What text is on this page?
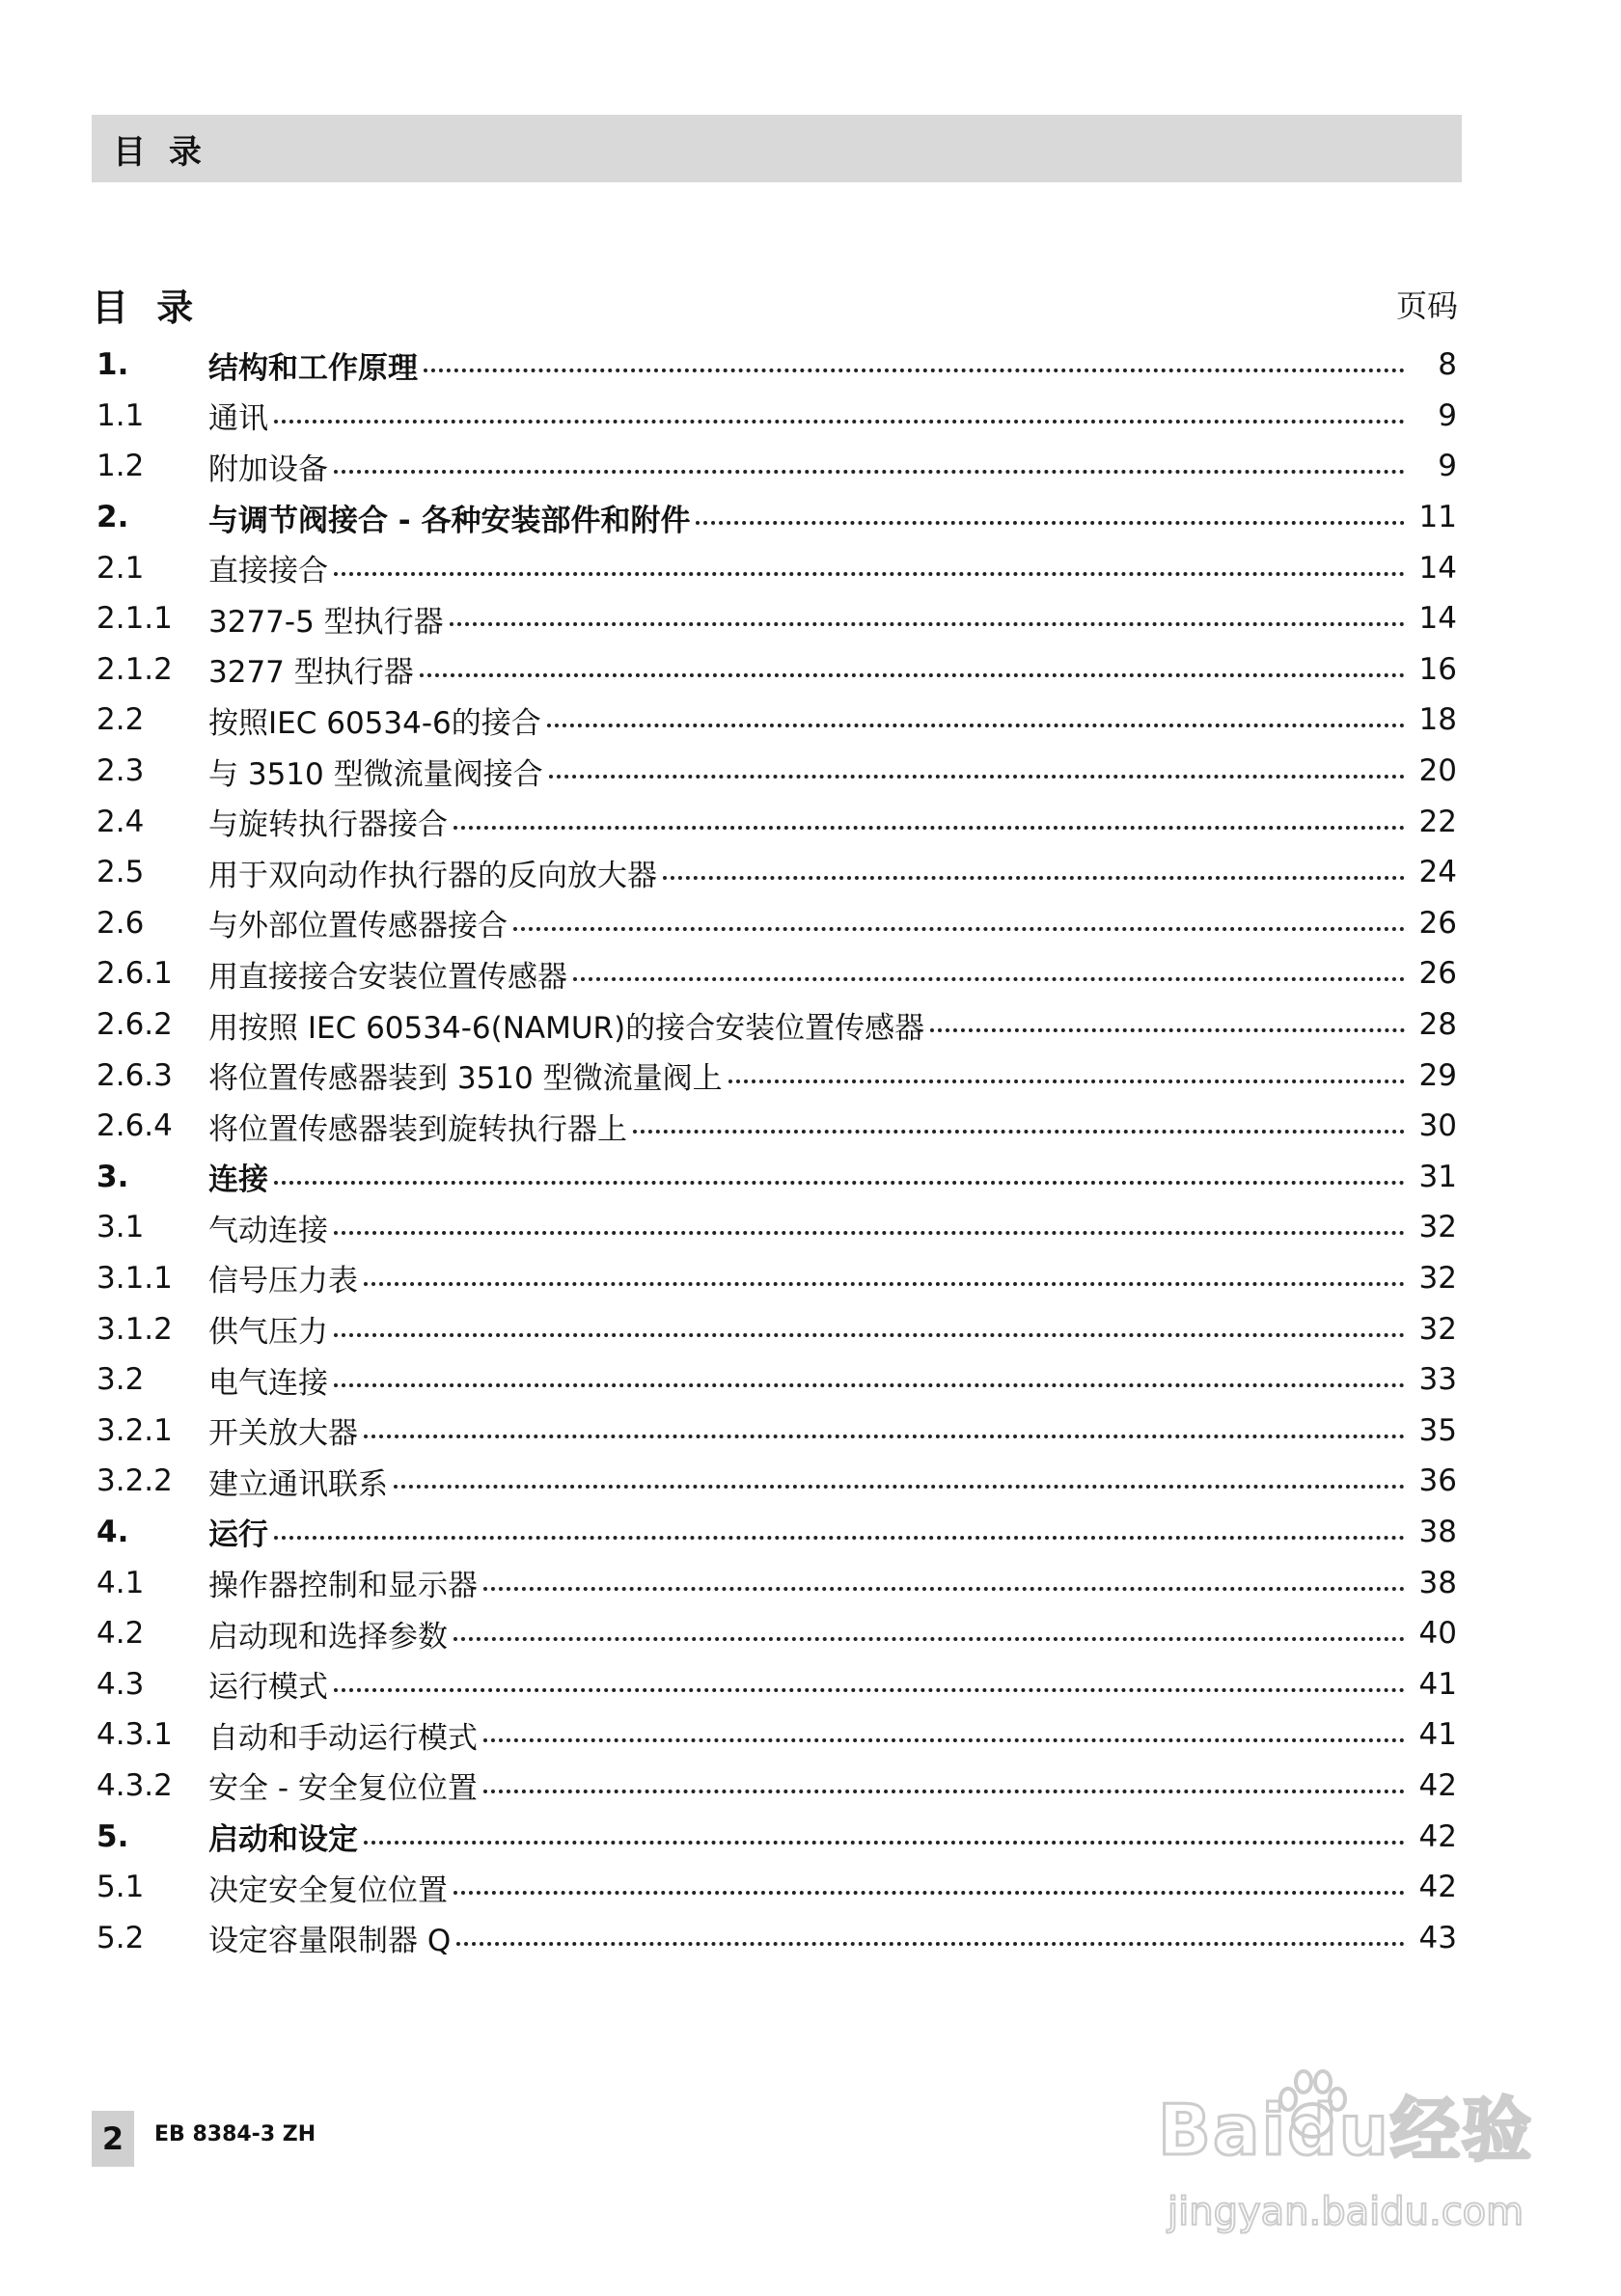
目 录
目 录	页码
1.	结构和工作原理	8
1.1	通讯	9
1.2	附加设备	9
2.	与调节阀接合 - 各种安装部件和附件	11
2.1	直接接合	14
2.1.1	3277-5 型执行器	14
2.1.2	3277 型执行器	16
2.2	按照IEC 60534-6的接合	18
2.3	与 3510 型微流量阀接合	20
2.4	与旋转执行器接合	22
2.5	用于双向动作执行器的反向放大器	24
2.6	与外部位置传感器接合	26
2.6.1	用直接接合安装位置传感器	26
2.6.2	用按照 IEC 60534-6(NAMUR)的接合安装位置传感器	28
2.6.3	将位置传感器装到 3510 型微流量阀上	29
2.6.4	将位置传感器装到旋转执行器上	30
3.	连接	31
3.1	气动连接	32
3.1.1	信号压力表	32
3.1.2	供气压力	32
3.2	电气连接	33
3.2.1	开关放大器	35
3.2.2	建立通讯联系	36
4.	运行	38
4.1	操作器控制和显示器	38
4.2	启动现和选择参数	40
4.3	运行模式	41
4.3.1	自动和手动运行模式	41
4.3.2	安全 - 安全复位位置	42
5.	启动和设定	42
5.1	决定安全复位位置	42
5.2	设定容量限制器 Q	43
2 EB 8384-3 ZH	Baidu经验
jingyan.baidu.com
